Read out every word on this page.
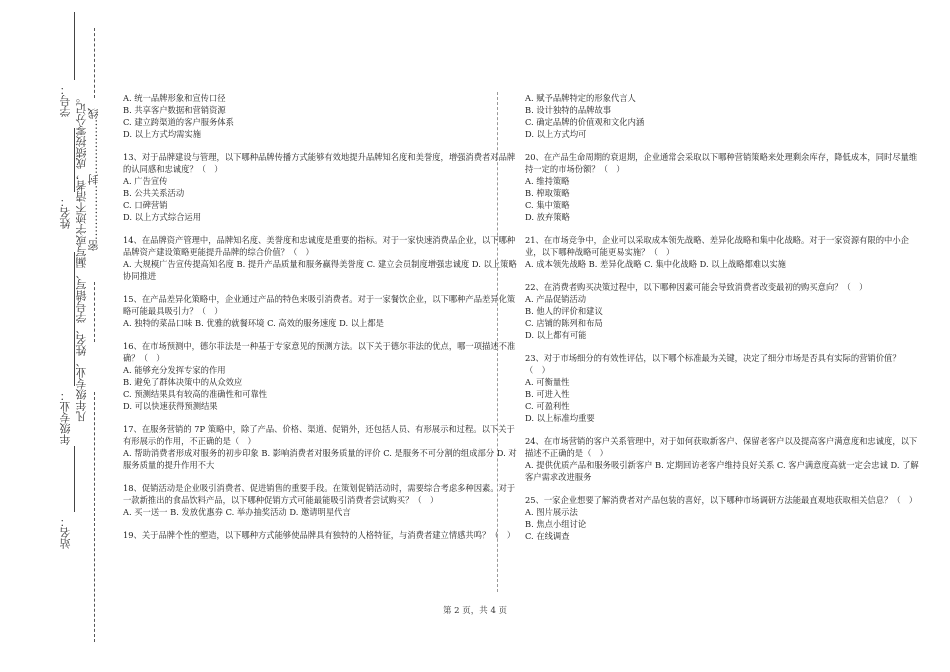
学号：
姓名：
年级专业：
站名：
凡年级专业、姓名、学号错写、漏写或字迹不清者，成绩按零分记。 密……………封……………线

A. 统一品牌形象和宣传口径

B. 共享客户数据和营销资源

C. 建立跨渠道的客户服务体系

D. 以上方式均需实施

13、对于品牌建设与管理，以下哪种品牌传播方式能够有效地提升品牌知名度和美誉度，增强消费者对品牌的认同感和忠诚度？（　）

A. 广告宣传

B. 公共关系活动

C. 口碑营销

D. 以上方式综合运用

14、在品牌资产管理中，品牌知名度、美誉度和忠诚度是重要的指标。对于一家快速消费品企业，以下哪种品牌资产建设策略更能提升品牌的综合价值？（　）

A. 大规模广告宣传提高知名度 B. 提升产品质量和服务赢得美誉度 C. 建立会员制度增强忠诚度 D. 以上策略协同推进

15、在产品差异化策略中，企业通过产品的特色来吸引消费者。对于一家餐饮企业，以下哪种产品差异化策略可能最具吸引力？（　）

A. 独特的菜品口味 B. 优雅的就餐环境 C. 高效的服务速度 D. 以上都是

16、在市场预测中，德尔菲法是一种基于专家意见的预测方法。以下关于德尔菲法的优点，哪一项描述不准确？（　）

A. 能够充分发挥专家的作用

B. 避免了群体决策中的从众效应

C. 预测结果具有较高的准确性和可靠性

D. 可以快速获得预测结果

17、在服务营销的 7P 策略中，除了产品、价格、渠道、促销外，还包括人员、有形展示和过程。以下关于有形展示的作用，不正确的是（　）

A. 帮助消费者形成对服务的初步印象 B. 影响消费者对服务质量的评价 C. 是服务不可分割的组成部分 D. 对服务质量的提升作用不大

18、促销活动是企业吸引消费者、促进销售的重要手段。在策划促销活动时，需要综合考虑多种因素。对于一款新推出的食品饮料产品，以下哪种促销方式可能最能吸引消费者尝试购买？（　）

A. 买一送一 B. 发放优惠券 C. 举办抽奖活动 D. 邀请明星代言

19、关于品牌个性的塑造，以下哪种方式能够使品牌具有独特的人格特征，与消费者建立情感共鸣？（　）

A. 赋予品牌特定的形象代言人

B. 设计独特的品牌故事

C. 确定品牌的价值观和文化内涵

D. 以上方式均可

20、在产品生命周期的衰退期，企业通常会采取以下哪种营销策略来处理剩余库存，降低成本，同时尽量维持一定的市场份额？（　）

A. 维持策略

B. 榨取策略

C. 集中策略

D. 放弃策略

21、在市场竞争中，企业可以采取成本领先战略、差异化战略和集中化战略。对于一家资源有限的中小企业，以下哪种战略可能更易实施？（　）

A. 成本领先战略 B. 差异化战略 C. 集中化战略 D. 以上战略都难以实施

22、在消费者购买决策过程中，以下哪种因素可能会导致消费者改变最初的购买意向？（　）

A. 产品促销活动

B. 他人的评价和建议

C. 店铺的陈列和布局

D. 以上都有可能

23、对于市场细分的有效性评估，以下哪个标准最为关键，决定了细分市场是否具有实际的营销价值？（　）

A. 可衡量性

B. 可进入性

C. 可盈利性

D. 以上标准均重要

24、在市场营销的客户关系管理中，对于如何获取新客户、保留老客户以及提高客户满意度和忠诚度，以下描述不正确的是（　）

A. 提供优质产品和服务吸引新客户 B. 定期回访老客户维持良好关系 C. 客户满意度高就一定会忠诚 D. 了解客户需求改进服务

25、一家企业想要了解消费者对产品包装的喜好，以下哪种市场调研方法能最直观地获取相关信息？（　）

A. 图片展示法

B. 焦点小组讨论

C. 在线调查

第 2 页，共 4 页
